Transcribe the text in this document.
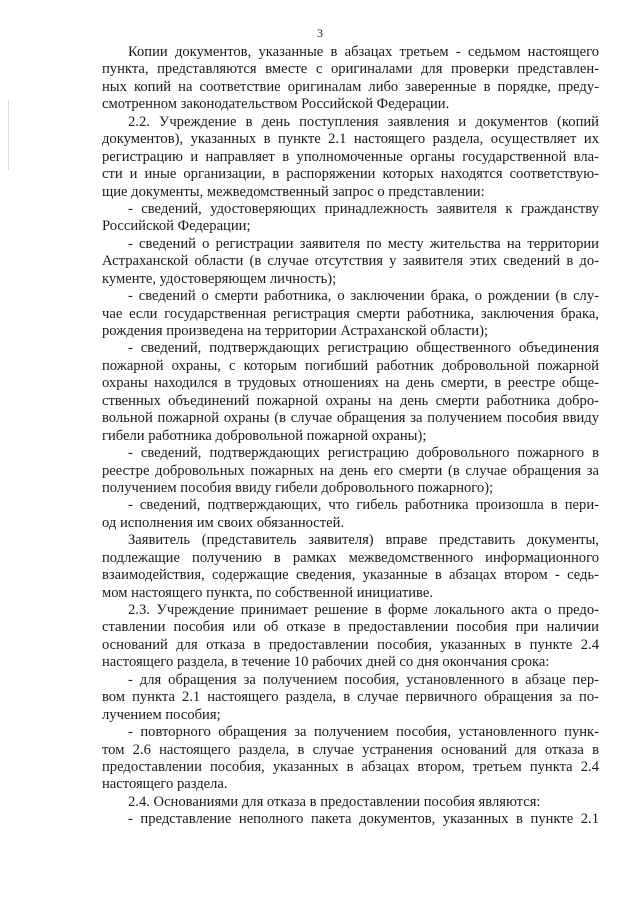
3
Копии документов, указанные в абзацах третьем - седьмом настоящего
пункта, представляются вместе с оригиналами для проверки представлен-
ных копий на соответствие оригиналам либо заверенные в порядке, преду-
смотренном законодательством Российской Федерации.
2.2. Учреждение в день поступления заявления и документов (копий
документов), указанных в пункте 2.1 настоящего раздела, осуществляет их
регистрацию и направляет в уполномоченные органы государственной вла-
сти и иные организации, в распоряжении которых находятся соответствую-
щие документы, межведомственный запрос о представлении:
- сведений, удостоверяющих принадлежность заявителя к гражданству
Российской Федерации;
- сведений о регистрации заявителя по месту жительства на территории
Астраханской области (в случае отсутствия у заявителя этих сведений в до-
кументе, удостоверяющем личность);
- сведений о смерти работника, о заключении брака, о рождении (в слу-
чае если государственная регистрация смерти работника, заключения брака,
рождения произведена на территории Астраханской области);
- сведений, подтверждающих регистрацию общественного объединения
пожарной охраны, с которым погибший работник добровольной пожарной
охраны находился в трудовых отношениях на день смерти, в реестре обще-
ственных объединений пожарной охраны на день смерти работника добро-
вольной пожарной охраны (в случае обращения за получением пособия ввиду
гибели работника добровольной пожарной охраны);
- сведений, подтверждающих регистрацию добровольного пожарного в
реестре добровольных пожарных на день его смерти (в случае обращения за
получением пособия ввиду гибели добровольного пожарного);
- сведений, подтверждающих, что гибель работника произошла в пери-
од исполнения им своих обязанностей.
Заявитель (представитель заявителя) вправе представить документы,
подлежащие получению в рамках межведомственного информационного
взаимодействия, содержащие сведения, указанные в абзацах втором - седь-
мом настоящего пункта, по собственной инициативе.
2.3. Учреждение принимает решение в форме локального акта о предо-
ставлении пособия или об отказе в предоставлении пособия при наличии
оснований для отказа в предоставлении пособия, указанных в пункте 2.4
настоящего раздела, в течение 10 рабочих дней со дня окончания срока:
- для обращения за получением пособия, установленного в абзаце пер-
вом пункта 2.1 настоящего раздела, в случае первичного обращения за по-
лучением пособия;
- повторного обращения за получением пособия, установленного пунк-
том 2.6 настоящего раздела, в случае устранения оснований для отказа в
предоставлении пособия, указанных в абзацах втором, третьем пункта 2.4
настоящего раздела.
2.4. Основаниями для отказа в предоставлении пособия являются:
- представление неполного пакета документов, указанных в пункте 2.1
